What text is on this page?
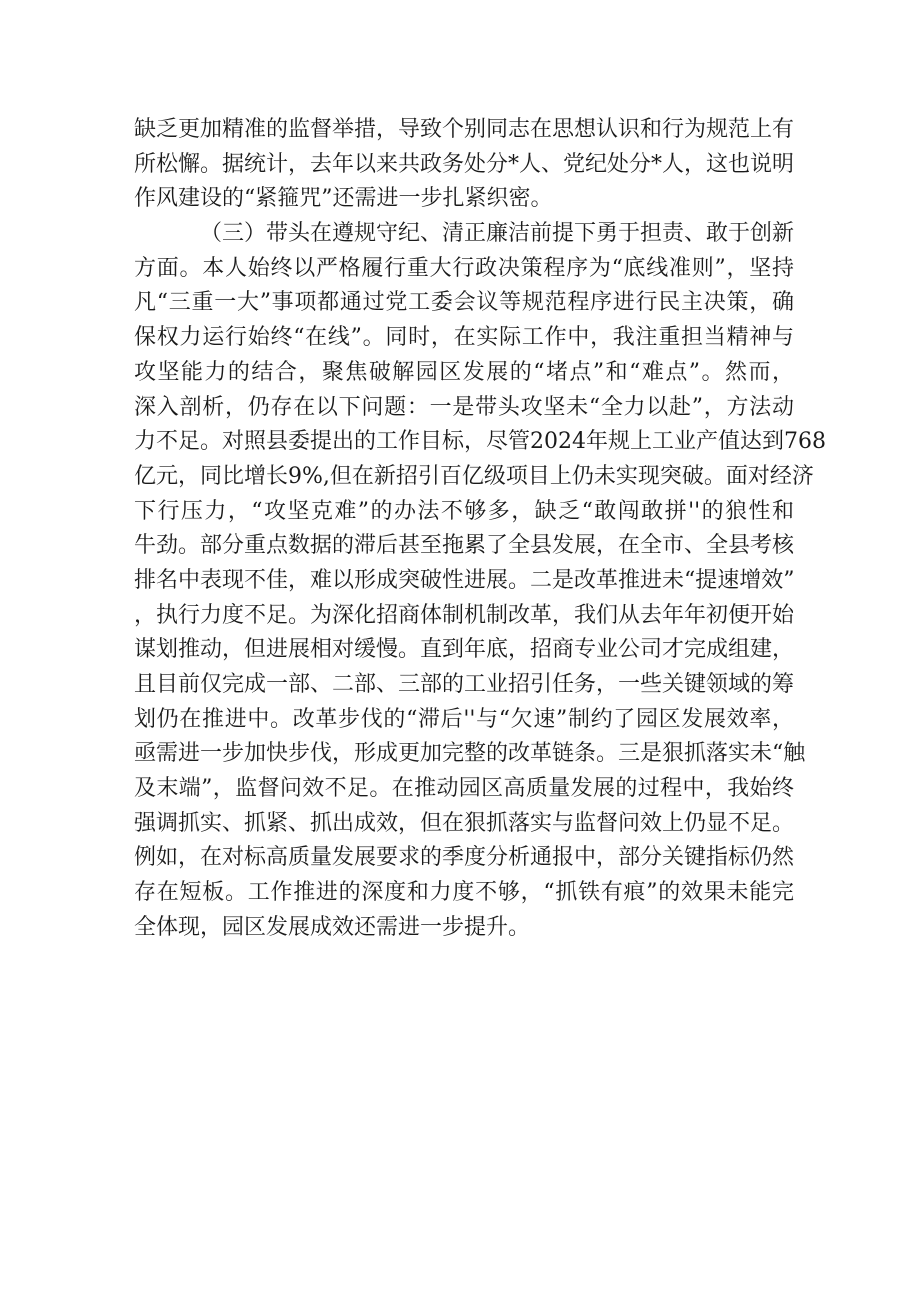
缺乏更加精准的监督举措，导致个别同志在思想认识和行为规范上有
所松懈。据统计，去年以来共政务处分*人、党纪处分*人，这也说明
作风建设的“紧箍咒”还需进一步扎紧织密。
（三）带头在遵规守纪、清正廉洁前提下勇于担责、敢于创新
方面。本人始终以严格履行重大行政决策程序为“底线准则”，坚持
凡“三重一大”事项都通过党工委会议等规范程序进行民主决策，确
保权力运行始终“在线”。同时，在实际工作中，我注重担当精神与
攻坚能力的结合，聚焦破解园区发展的“堵点”和“难点”。然而，
深入剖析，仍存在以下问题：一是带头攻坚未“全力以赴”，方法动
力不足。对照县委提出的工作目标，尽管2024年规上工业产值达到768
亿元，同比增长9%,但在新招引百亿级项目上仍未实现突破。面对经济
下行压力，“攻坚克难”的办法不够多，缺乏“敢闯敢拼''的狼性和
牛劲。部分重点数据的滞后甚至拖累了全县发展，在全市、全县考核
排名中表现不佳，难以形成突破性进展。二是改革推进未“提速增效”
，执行力度不足。为深化招商体制机制改革，我们从去年年初便开始
谋划推动，但进展相对缓慢。直到年底，招商专业公司才完成组建，
且目前仅完成一部、二部、三部的工业招引任务，一些关键领域的筹
划仍在推进中。改革步伐的“滞后''与“欠速”制约了园区发展效率，
亟需进一步加快步伐，形成更加完整的改革链条。三是狠抓落实未“触
及末端”，监督问效不足。在推动园区高质量发展的过程中，我始终
强调抓实、抓紧、抓出成效，但在狠抓落实与监督问效上仍显不足。
例如，在对标高质量发展要求的季度分析通报中，部分关键指标仍然
存在短板。工作推进的深度和力度不够，“抓铁有痕”的效果未能完
全体现，园区发展成效还需进一步提升。
